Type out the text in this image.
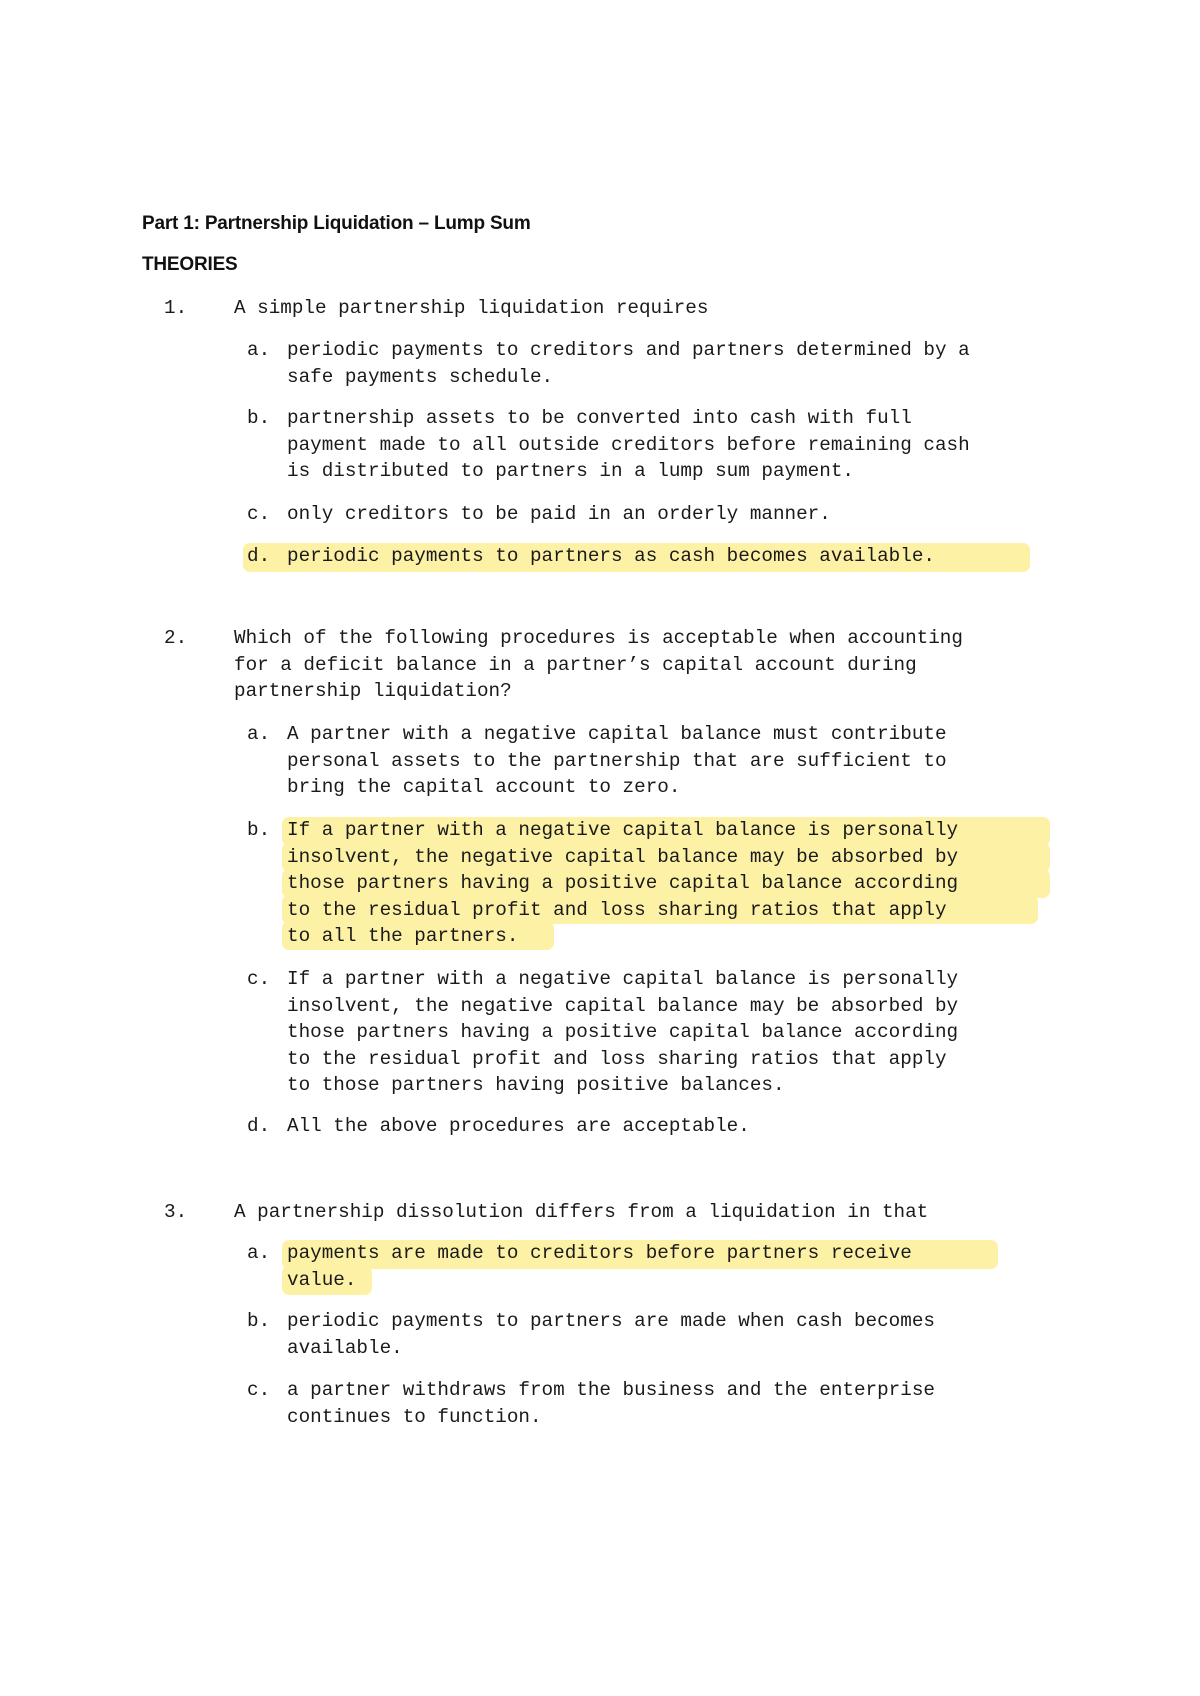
Part 1: Partnership Liquidation – Lump Sum
THEORIES
1. A simple partnership liquidation requires
a. periodic payments to creditors and partners determined by a
safe payments schedule.
b. partnership assets to be converted into cash with full
payment made to all outside creditors before remaining cash
is distributed to partners in a lump sum payment.
c. only creditors to be paid in an orderly manner.
d. periodic payments to partners as cash becomes available.
2. Which of the following procedures is acceptable when accounting
for a deficit balance in a partner’s capital account during
partnership liquidation?
a. A partner with a negative capital balance must contribute
personal assets to the partnership that are sufficient to
bring the capital account to zero.
b. If a partner with a negative capital balance is personally
insolvent, the negative capital balance may be absorbed by
those partners having a positive capital balance according
to the residual profit and loss sharing ratios that apply
to all the partners.
c. If a partner with a negative capital balance is personally
insolvent, the negative capital balance may be absorbed by
those partners having a positive capital balance according
to the residual profit and loss sharing ratios that apply
to those partners having positive balances.
d. All the above procedures are acceptable.
3. A partnership dissolution differs from a liquidation in that
a. payments are made to creditors before partners receive
value.
b. periodic payments to partners are made when cash becomes
available.
c. a partner withdraws from the business and the enterprise
continues to function.
